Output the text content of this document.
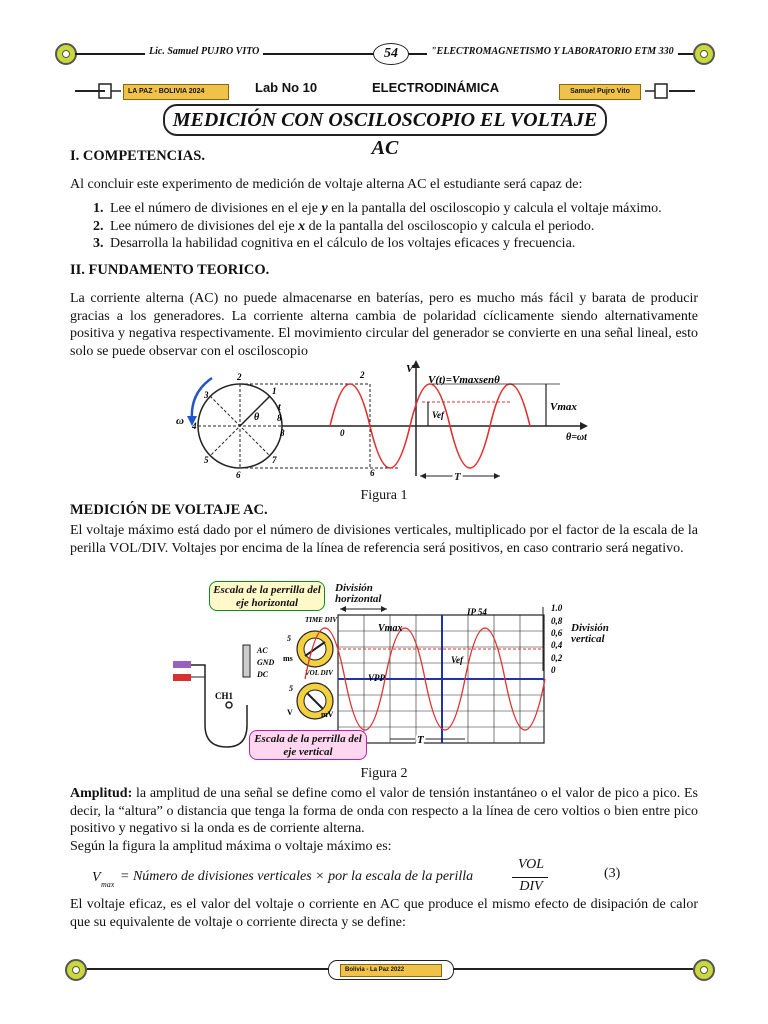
Lic. Samuel PUJRO VITO	54	"ELECTROMAGNETISMO Y LABORATORIO ETM 330
LA PAZ - BOLIVIA 2024	Lab No 10	ELECTRODINÁMICA	Samuel Pujro Vito
MEDICIÓN CON OSCILOSCOPIO EL VOLTAJE AC
I. COMPETENCIAS.
Al concluir este experimento de medición de voltaje alterna AC el estudiante será capaz de:
1. Lee el número de divisiones en el eje y en la pantalla del osciloscopio y calcula el voltaje máximo.
2. Lee número de divisiones del eje x de la pantalla del osciloscopio y calcula el periodo.
3. Desarrolla la habilidad cognitiva en el cálculo de los voltajes eficaces y frecuencia.
II. FUNDAMENTO TEORICO.
La corriente alterna (AC) no puede almacenarse en baterías, pero es mucho más fácil y barata de producir gracias a los generadores. La corriente alterna cambia de polaridad cíclicamente siendo alternativamente positiva y negativa respectivamente. El movimiento circular del generador se convierte en una señal lineal, esto solo se puede observar con el osciloscopio
ω
2
3
4
5
6
7
8
1
θ
t
θ=ωt
V
V(t)=Vmaxsenθ
2
6
8	0
Vmax
Vef
T
Figura 1
MEDICIÓN DE VOLTAJE AC.
El voltaje máximo está dado por el número de divisiones verticales, multiplicado por el factor de la escala de la perilla VOL/DIV. Voltajes por encima de la línea de referencia será positivos, en caso contrario será negativo.
CH1
AC
GND
DC
TIME DIV
5
ms
VOL DIV
5
V	mV
Vmax
VPP
Vef
IP 54	1.0
0,8
0,6
0,4
0,2
0
T
Escala de la perrilla del eje horizontal
División horizontal
División vertical
Escala de la perrilla del eje vertical
Figura 2
Amplitud: la amplitud de una señal se define como el valor de tensión instantáneo o el valor de pico a pico. Es decir, la “altura” o distancia que tenga la forma de onda con respecto a la línea de cero voltios o bien entre pico positivo y negativo si la onda es de corriente alterna.
Según la figura la amplitud máxima o voltaje máximo es:
V max
= Número de divisiones verticales × por la escala de la perilla
VOL
DIV
(3)
El voltaje eficaz, es el valor del voltaje o corriente en AC que produce el mismo efecto de disipación de calor que su equivalente de voltaje o corriente directa y se define:
Bolivia - La Paz 2022
